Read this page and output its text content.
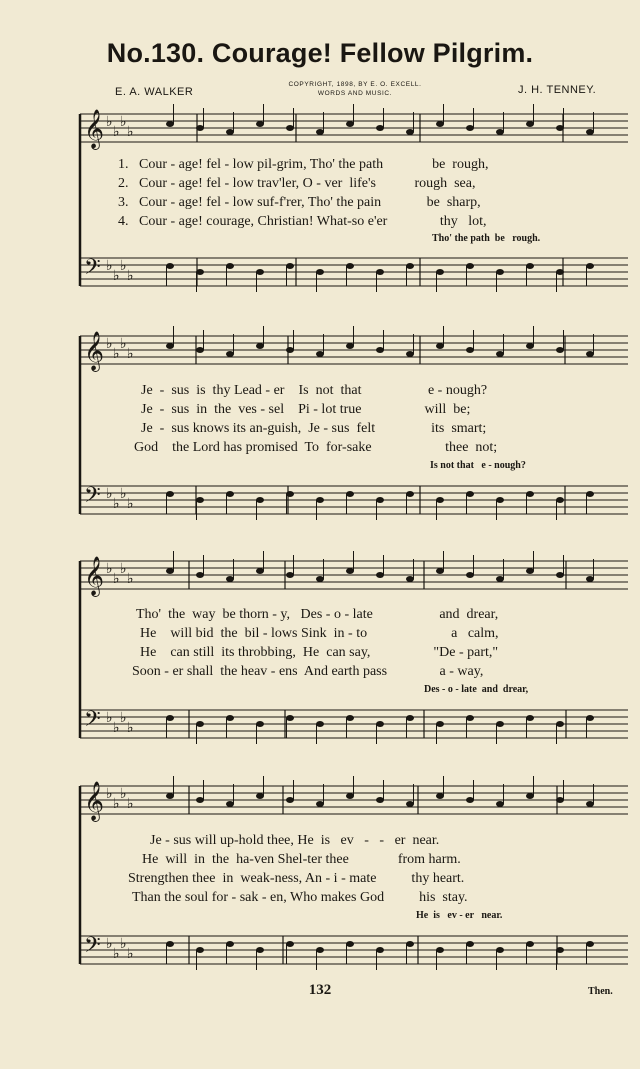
No.130. Courage! Fellow Pilgrim.
E. A. WALKER	J. H. TENNEY.
COPYRIGHT, 1898, BY E. O. EXCELL.
WORDS AND MUSIC.
𝄞 ♭
♭
♭
♭
𝄢 ♭
♭
♭
♭
𝄞 ♭
♭
♭
♭
𝄢 ♭
♭
♭
♭
𝄞 ♭
♭
♭
♭
𝄢 ♭
♭
♭
♭
𝄞 ♭
♭
♭
♭
𝄢 ♭
♭
♭
♭
1.   Cour - age! fel - low pil-grim, Tho' the path              be  rough,
2.   Cour - age! fel - low trav'ler, O - ver  life's           rough  sea,
3.   Cour - age! fel - low suf-f'rer, Tho' the pain             be  sharp,
4.   Cour - age! courage, Christian! What-so e'er               thy   lot,
Tho' the path  be   rough.
Je  -  sus  is  thy Lead - er    Is  not  that                   e - nough?
Je  -  sus  in  the  ves - sel    Pi - lot true                  will  be;
Je  -  sus knows its an-guish,  Je - sus  felt                its  smart;
God    the Lord has promised  To  for-sake                     thee  not;
Is not that   e - nough?
Tho'  the  way  be thorn - y,   Des - o - late                   and  drear,
He    will bid  the  bil - lows Sink  in - to                        a   calm,
He    can still  its throbbing,  He  can say,                  "De - part,"
Soon - er shall  the heav - ens  And earth pass               a - way,
Des - o - late  and  drear,
Je - sus will up-hold thee, He  is   ev   -   -   er  near.
He  will  in  the  ha-ven Shel-ter thee              from harm.
Strengthen thee  in  weak-ness, An - i - mate          thy heart.
Than the soul for - sak - en, Who makes God          his  stay.
He  is   ev - er   near.
132	Then.
